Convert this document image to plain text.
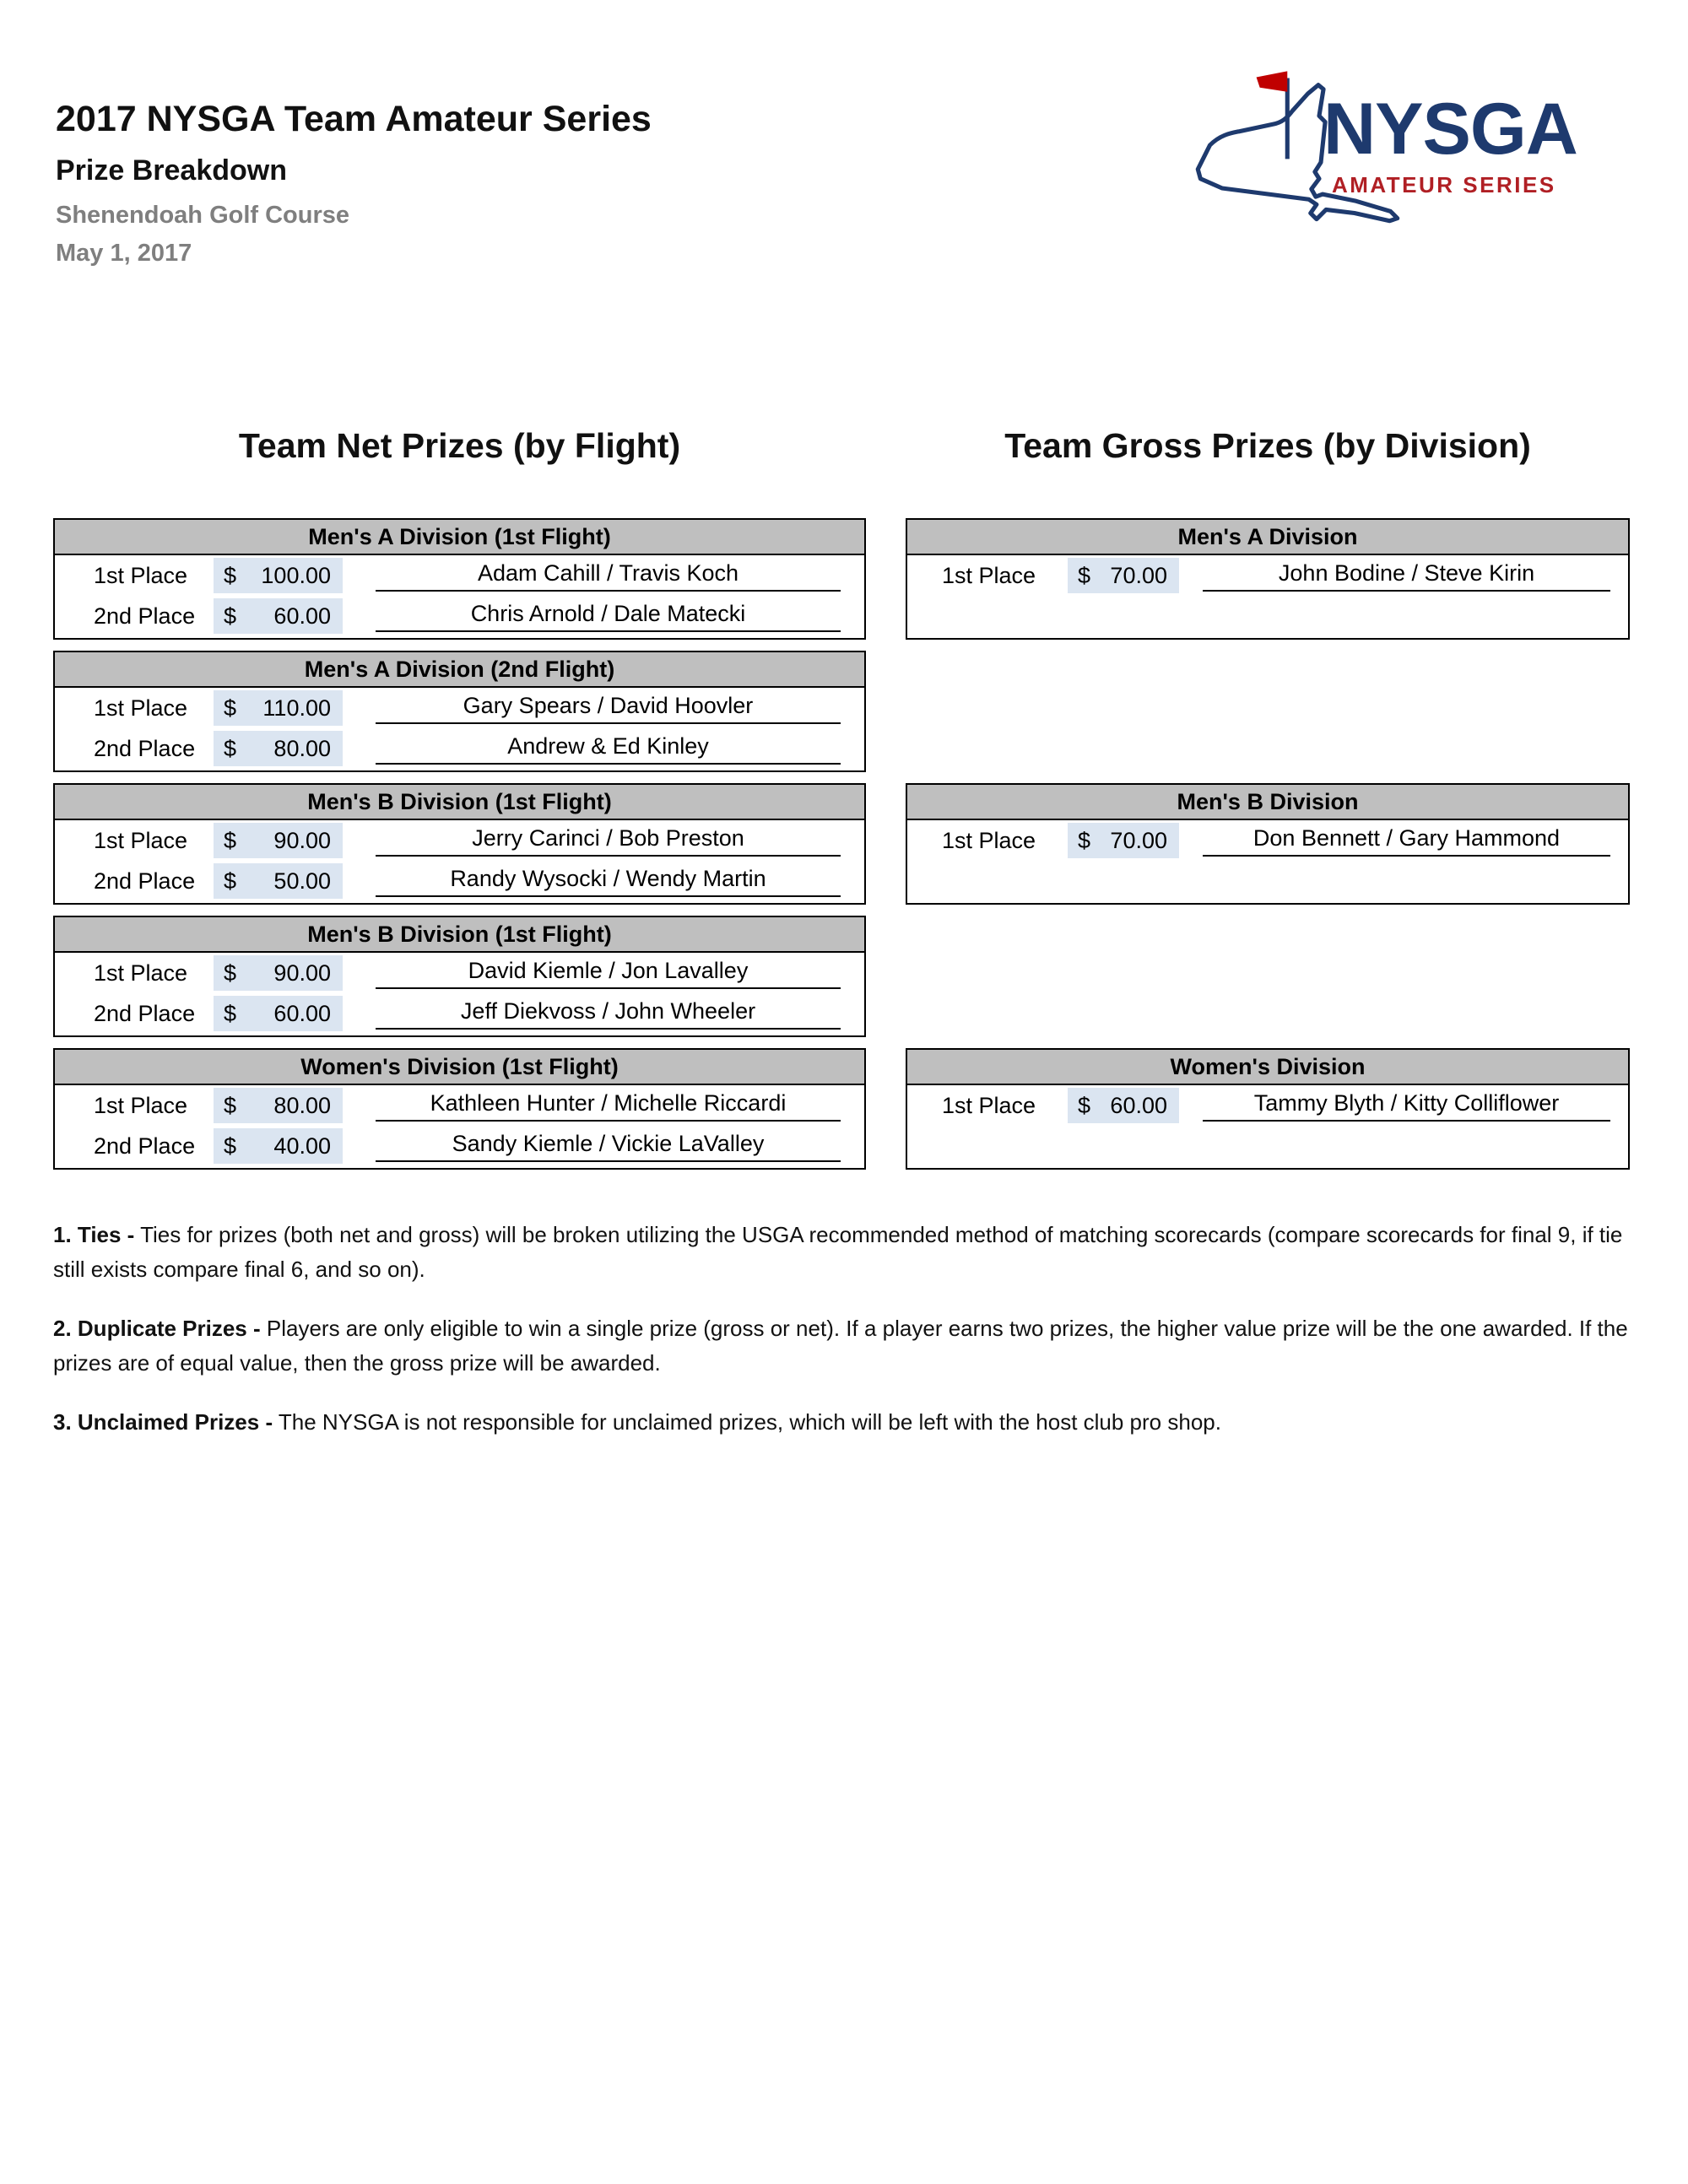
2017 NYSGA Team Amateur Series
Prize Breakdown
Shenendoah Golf Course
May 1, 2017
NYSGA
AMATEUR SERIES
Team Net Prizes (by Flight)	Team Gross Prizes (by Division)
Men's A Division (1st Flight)
1st Place	$ 100.00	Adam Cahill / Travis Koch
2nd Place	$ 60.00	Chris Arnold / Dale Matecki
Men's A Division (2nd Flight)
1st Place	$ 110.00	Gary Spears / David Hoovler
2nd Place	$ 80.00	Andrew & Ed Kinley
Men's B Division (1st Flight)
1st Place	$ 90.00	Jerry Carinci / Bob Preston
2nd Place	$ 50.00	Randy Wysocki / Wendy Martin
Men's B Division (1st Flight)
1st Place	$ 90.00	David Kiemle / Jon Lavalley
2nd Place	$ 60.00	Jeff Diekvoss / John Wheeler
Women's Division (1st Flight)
1st Place	$ 80.00	Kathleen Hunter / Michelle Riccardi
2nd Place	$ 40.00	Sandy Kiemle / Vickie LaValley
Men's A Division
1st Place	$ 70.00	John Bodine / Steve Kirin
Men's B Division
1st Place	$ 70.00	Don Bennett / Gary Hammond
Women's Division
1st Place	$ 60.00	Tammy Blyth / Kitty Colliflower
1. Ties - Ties for prizes (both net and gross) will be broken utilizing the USGA recommended method of matching scorecards (compare scorecards for final 9, if tie still exists compare final 6, and so on).
2. Duplicate Prizes - Players are only eligible to win a single prize (gross or net). If a player earns two prizes, the higher value prize will be the one awarded. If the prizes are of equal value, then the gross prize will be awarded.
3. Unclaimed Prizes - The NYSGA is not responsible for unclaimed prizes, which will be left with the host club pro shop.
